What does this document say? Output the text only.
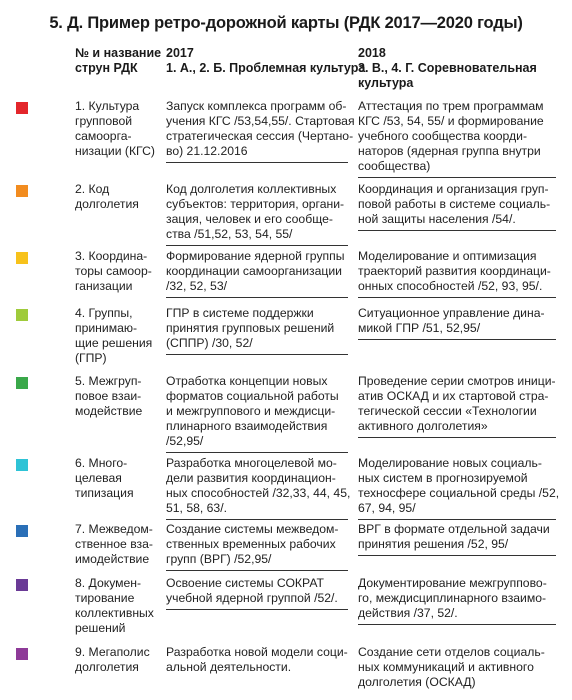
5. Д. Пример ретро-дорожной карты (РДК 2017—2020 годы)
№ и название
струн РДК
2017
1. А., 2. Б. Проблемная культура
2018
3. В., 4. Г. Соревновательная
культура
1. Культура
групповой
самоорга-
низации (КГС)
Запуск комплекса программ об-
учения КГС /53,54,55/. Стартовая
стратегическая сессия (Чертано-
во) 21.12.2016
Аттестация по трем программам
КГС /53, 54, 55/ и формирование
учебного сообщества коорди-
наторов (ядерная группа внутри
сообщества)
2. Код
долголетия
Код долголетия коллективных
субъектов: территория, органи-
зация, человек и его сообще-
ства /51,52, 53, 54, 55/
Координация и организация груп-
повой работы в системе социаль-
ной защиты населения /54/.
3. Координа-
торы самоор-
ганизации
Формирование ядерной группы
координации самоорганизации
/32, 52, 53/
Моделирование и оптимизация
траекторий развития координаци-
онных способностей /52, 93, 95/.
4. Группы,
принимаю-
щие решения
(ГПР)
ГПР в системе поддержки
принятия групповых решений
(СППР) /30, 52/
Ситуационное управление дина-
микой ГПР /51, 52,95/
5. Межгруп-
повое взаи-
модействие
Отработка концепции новых
форматов социальной работы
и межгруппового и междисци-
плинарного взаимодействия
/52,95/
Проведение серии смотров иници-
атив ОСКАД и их стартовой стра-
тегической сессии «Технологии
активного долголетия»
6. Много-
целевая
типизация
Разработка многоцелевой мо-
дели развития координацион-
ных способностей /32,33, 44, 45,
51, 58, 63/.
Моделирование новых социаль-
ных систем в прогнозируемой
техносфере социальной среды /52,
67, 94, 95/
7. Межведом-
ственное вза-
имодействие
Создание системы межведом-
ственных временных рабочих
групп (ВРГ) /52,95/
ВРГ в формате отдельной задачи
принятия решения /52, 95/
8. Докумен-
тирование
коллективных
решений
Освоение системы СОКРАТ
учебной ядерной группой /52/.
Документирование межгруппово-
го, междисциплинарного взаимо-
действия /37, 52/.
9. Мегаполис
долголетия
Разработка новой модели соци-
альной деятельности.
Создание сети отделов социаль-
ных коммуникаций и активного
долголетия (ОСКАД)
